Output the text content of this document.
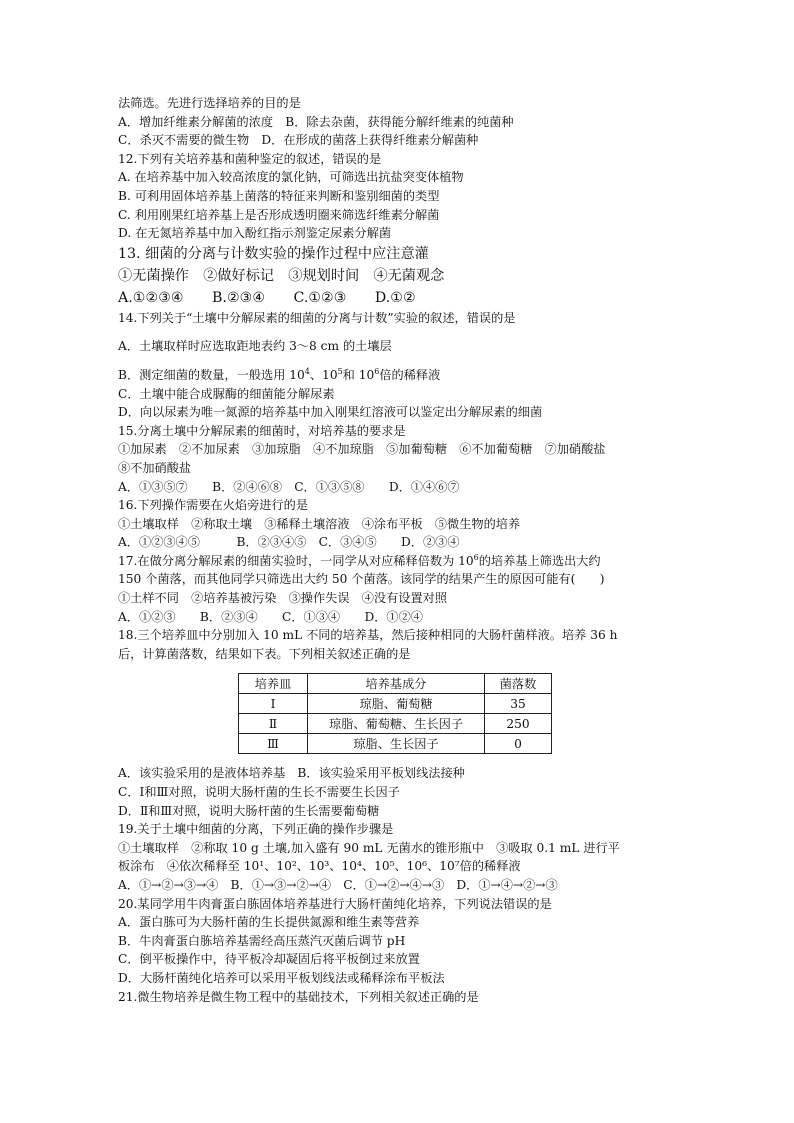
法筛选。先进行选择培养的目的是
A．增加纤维素分解菌的浓度　B．除去杂菌，获得能分解纤维素的纯菌种
C．杀灭不需要的微生物　D．在形成的菌落上获得纤维素分解菌种
12.下列有关培养基和菌种鉴定的叙述，错误的是
A. 在培养基中加入较高浓度的氯化钠，可筛选出抗盐突变体植物
B. 可利用固体培养基上菌落的特征来判断和鉴别细菌的类型
C. 利用刚果红培养基上是否形成透明圈来筛选纤维素分解菌
D. 在无氮培养基中加入酚红指示剂鉴定尿素分解菌
13. 细菌的分离与计数实验的操作过程中应注意灌
①无菌操作　②做好标记　③规划时间　④无菌观念
A.①②③④　　B.②③④　　C.①②③　　D.①②
14.下列关于“土壤中分解尿素的细菌的分离与计数”实验的叙述，错误的是
A．土壤取样时应选取距地表约 3～8 cm 的土壤层
B．测定细菌的数量，一般选用 $10^4$、$10^5$和 $10^6$倍的稀释液
C．土壤中能合成脲酶的细菌能分解尿素
D．向以尿素为唯一氮源的培养基中加入刚果红溶液可以鉴定出分解尿素的细菌
15.分离土壤中分解尿素的细菌时，对培养基的要求是
①加尿素　②不加尿素　③加琼脂　④不加琼脂　⑤加葡萄糖　⑥不加葡萄糖　⑦加硝酸盐
⑧不加硝酸盐
A．①③⑤⑦　　B．②④⑥⑧　C．①③⑤⑧　　D．①④⑥⑦
16.下列操作需要在火焰旁进行的是
①土壤取样　②称取土壤　③稀释土壤溶液　④涂布平板　⑤微生物的培养
A．①②③④⑤　　　B．②③④⑤　C．③④⑤　　D．②③④
17.在做分离分解尿素的细菌实验时，一同学从对应稀释倍数为 $10^6$的培养基上筛选出大约
150 个菌落，而其他同学只筛选出大约 50 个菌落。该同学的结果产生的原因可能有(　　)
①土样不同　②培养基被污染　③操作失误　④没有设置对照
A．①②③　　B．②③④　　C．①③④　　D．①②④
18.三个培养皿中分别加入 10 mL 不同的培养基，然后接种相同的大肠杆菌样液。培养 36 h
后，计算菌落数，结果如下表。下列相关叙述正确的是
培养皿	培养基成分	菌落数
Ⅰ	琼脂、葡萄糖	35
Ⅱ	琼脂、葡萄糖、生长因子	250
Ⅲ	琼脂、生长因子	0
A．该实验采用的是液体培养基　B．该实验采用平板划线法接种
C．Ⅰ和Ⅲ对照，说明大肠杆菌的生长不需要生长因子
D．Ⅱ和Ⅲ对照，说明大肠杆菌的生长需要葡萄糖
19.关于土壤中细菌的分离，下列正确的操作步骤是
①土壤取样　②称取 10 g 土壤,加入盛有 90 mL 无菌水的锥形瓶中　③吸取 0.1 mL 进行平
板涂布　④依次稀释至 10¹、10²、10³、10⁴、10⁵、10⁶、10⁷倍的稀释液
A．①→②→③→④　B．①→③→②→④　C．①→②→④→③　D．①→④→②→③
20.某同学用牛肉膏蛋白胨固体培养基进行大肠杆菌纯化培养，下列说法错误的是
A．蛋白胨可为大肠杆菌的生长提供氮源和维生素等营养
B．牛肉膏蛋白胨培养基需经高压蒸汽灭菌后调节 pH
C．倒平板操作中，待平板冷却凝固后将平板倒过来放置
D．大肠杆菌纯化培养可以采用平板划线法或稀释涂布平板法
21.微生物培养是微生物工程中的基础技术，下列相关叙述正确的是
